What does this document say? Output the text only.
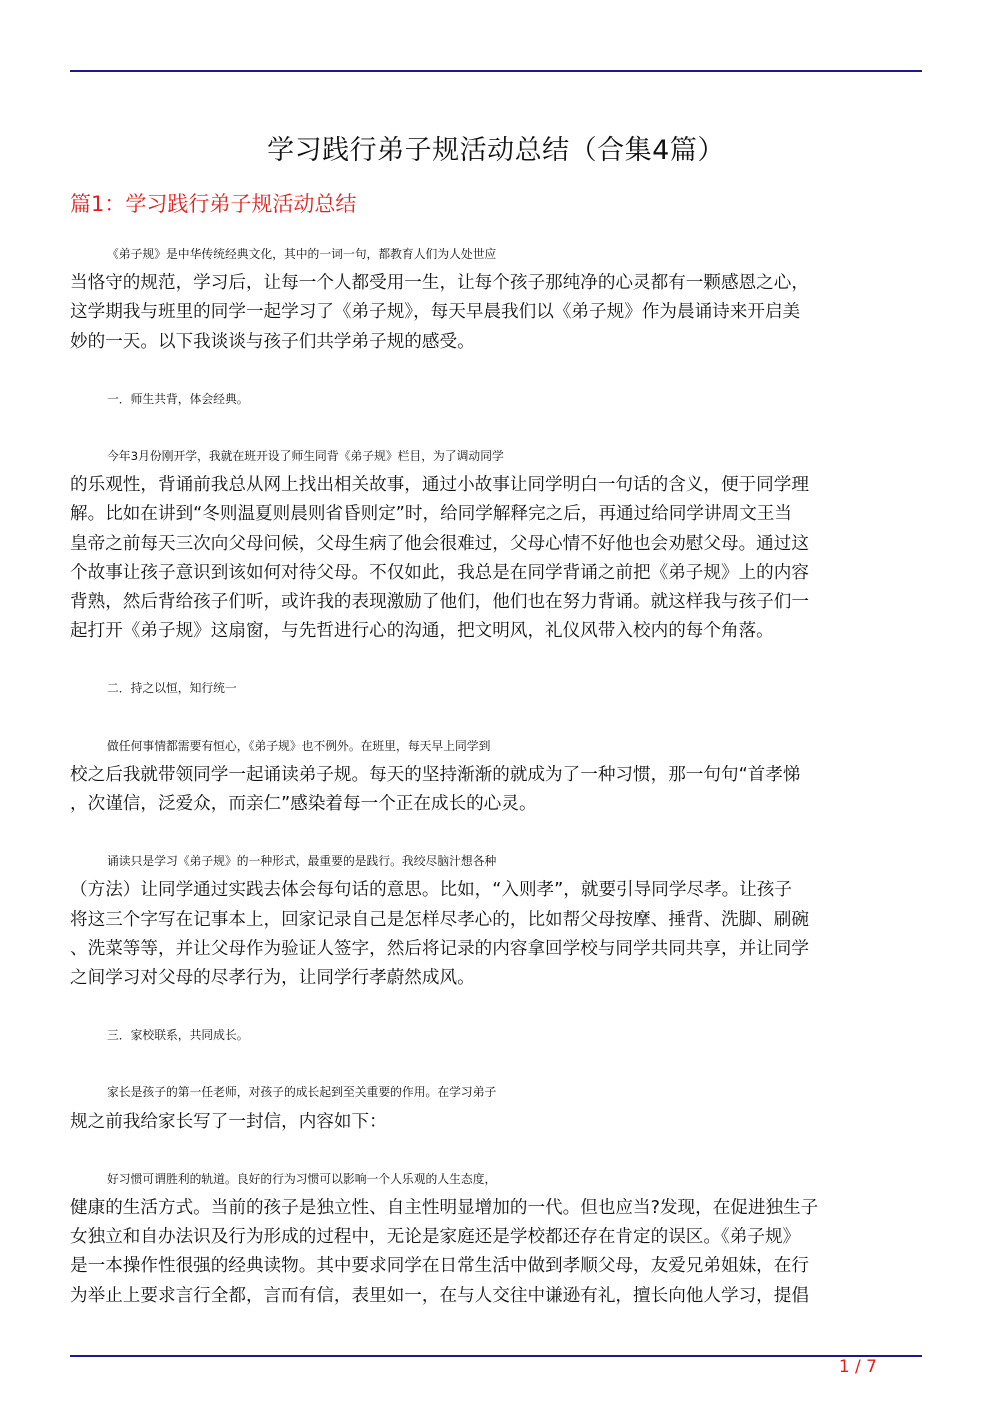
学习践行弟子规活动总结（合集4篇）
篇1：学习践行弟子规活动总结

《弟子规》是中华传统经典文化，其中的一词一句，都教育人们为人处世应
当恪守的规范，学习后，让每一个人都受用一生，让每个孩子那纯净的心灵都有一颗感恩之心，
这学期我与班里的同学一起学习了《弟子规》，每天早晨我们以《弟子规》作为晨诵诗来开启美
妙的一天。以下我谈谈与孩子们共学弟子规的感受。

一．师生共背，体会经典。

今年3月份刚开学，我就在班开设了师生同背《弟子规》栏目，为了调动同学
的乐观性，背诵前我总从网上找出相关故事，通过小故事让同学明白一句话的含义，便于同学理
解。比如在讲到“冬则温夏则晨则省昏则定”时，给同学解释完之后，再通过给同学讲周文王当
皇帝之前每天三次向父母问候，父母生病了他会很难过，父母心情不好他也会劝慰父母。通过这
个故事让孩子意识到该如何对待父母。不仅如此，我总是在同学背诵之前把《弟子规》上的内容
背熟，然后背给孩子们听，或许我的表现激励了他们，他们也在努力背诵。就这样我与孩子们一
起打开《弟子规》这扇窗，与先哲进行心的沟通，把文明风，礼仪风带入校内的每个角落。

二．持之以恒，知行统一

做任何事情都需要有恒心，《弟子规》也不例外。在班里，每天早上同学到
校之后我就带领同学一起诵读弟子规。每天的坚持渐渐的就成为了一种习惯，那一句句“首孝悌
，次谨信，泛爱众，而亲仁”感染着每一个正在成长的心灵。

诵读只是学习《弟子规》的一种形式，最重要的是践行。我绞尽脑汁想各种
（方法）让同学通过实践去体会每句话的意思。比如，“入则孝”，就要引导同学尽孝。让孩子
将这三个字写在记事本上，回家记录自己是怎样尽孝心的，比如帮父母按摩、捶背、洗脚、刷碗
、洗菜等等，并让父母作为验证人签字，然后将记录的内容拿回学校与同学共同共享，并让同学
之间学习对父母的尽孝行为，让同学行孝蔚然成风。

三．家校联系，共同成长。

家长是孩子的第一任老师，对孩子的成长起到至关重要的作用。在学习弟子
规之前我给家长写了一封信，内容如下：

好习惯可谓胜利的轨道。良好的行为习惯可以影响一个人乐观的人生态度，
健康的生活方式。当前的孩子是独立性、自主性明显增加的一代。但也应当?发现，在促进独生子
女独立和自办法识及行为形成的过程中，无论是家庭还是学校都还存在肯定的误区。《弟子规》
是一本操作性很强的经典读物。其中要求同学在日常生活中做到孝顺父母，友爱兄弟姐妹，在行
为举止上要求言行全都，言而有信，表里如一，在与人交往中谦逊有礼，擅长向他人学习，提倡

1 / 7
